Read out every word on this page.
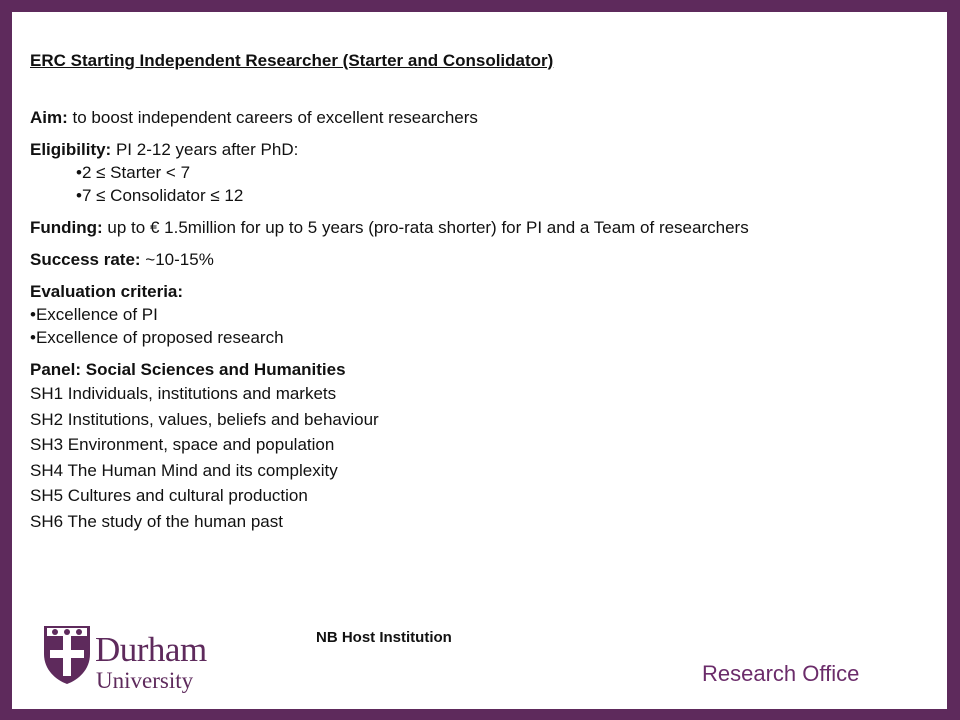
ERC Starting Independent Researcher (Starter and Consolidator)

Aim: to boost independent careers of excellent researchers

Eligibility: PI 2-12 years after PhD:

•2 ≤ Starter < 7

•7 ≤ Consolidator ≤ 12

Funding: up to € 1.5million for up to 5 years (pro-rata shorter) for PI and a Team of researchers

Success rate: ~10-15%

Evaluation criteria:

•Excellence of PI

•Excellence of proposed research

Panel: Social Sciences and Humanities

SH1 Individuals, institutions and markets

SH2 Institutions, values, beliefs and behaviour

SH3 Environment, space and population

SH4 The Human Mind and its complexity

SH5 Cultures and cultural production

SH6 The study of the human past

Durham
University
NB Host Institution
Research Office
